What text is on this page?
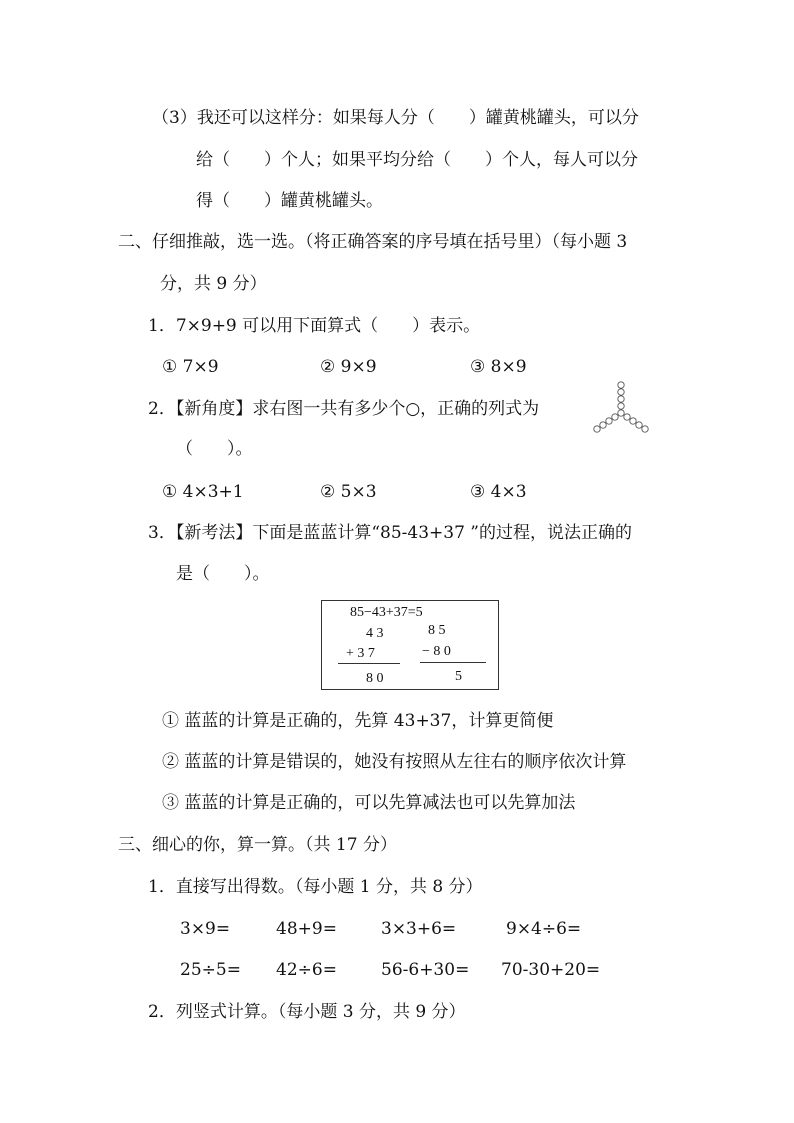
（3）我还可以这样分：如果每人分（　　）罐黄桃罐头，可以分
给（　　）个人；如果平均分给（　　）个人，每人可以分
得（　　）罐黄桃罐头。
二、仔细推敲，选一选。（将正确答案的序号填在括号里）（每小题 3
分，共 9 分）
1．7×9+9 可以用下面算式（　　）表示。
① 7×9	② 9×9	③ 8×9
2．【新角度】求右图一共有多少个○，正确的列式为
（　　）。
① 4×3+1	② 5×3	③ 4×3
3．【新考法】下面是蓝蓝计算“85-43+37 ”的过程，说法正确的
是（　　）。
85−43+37=5
4 3
+ 3 7
8 0
8 5
− 8 0
5
① 蓝蓝的计算是正确的，先算 43+37，计算更简便
② 蓝蓝的计算是错误的，她没有按照从左往右的顺序依次计算
③ 蓝蓝的计算是正确的，可以先算减法也可以先算加法
三、细心的你，算一算。（共 17 分）
1．直接写出得数。（每小题 1 分，共 8 分）
3×9=	48+9=	3×3+6=	9×4÷6=
25÷5= 42÷6=	56-6+30= 70-30+20=
2．列竖式计算。（每小题 3 分，共 9 分）
